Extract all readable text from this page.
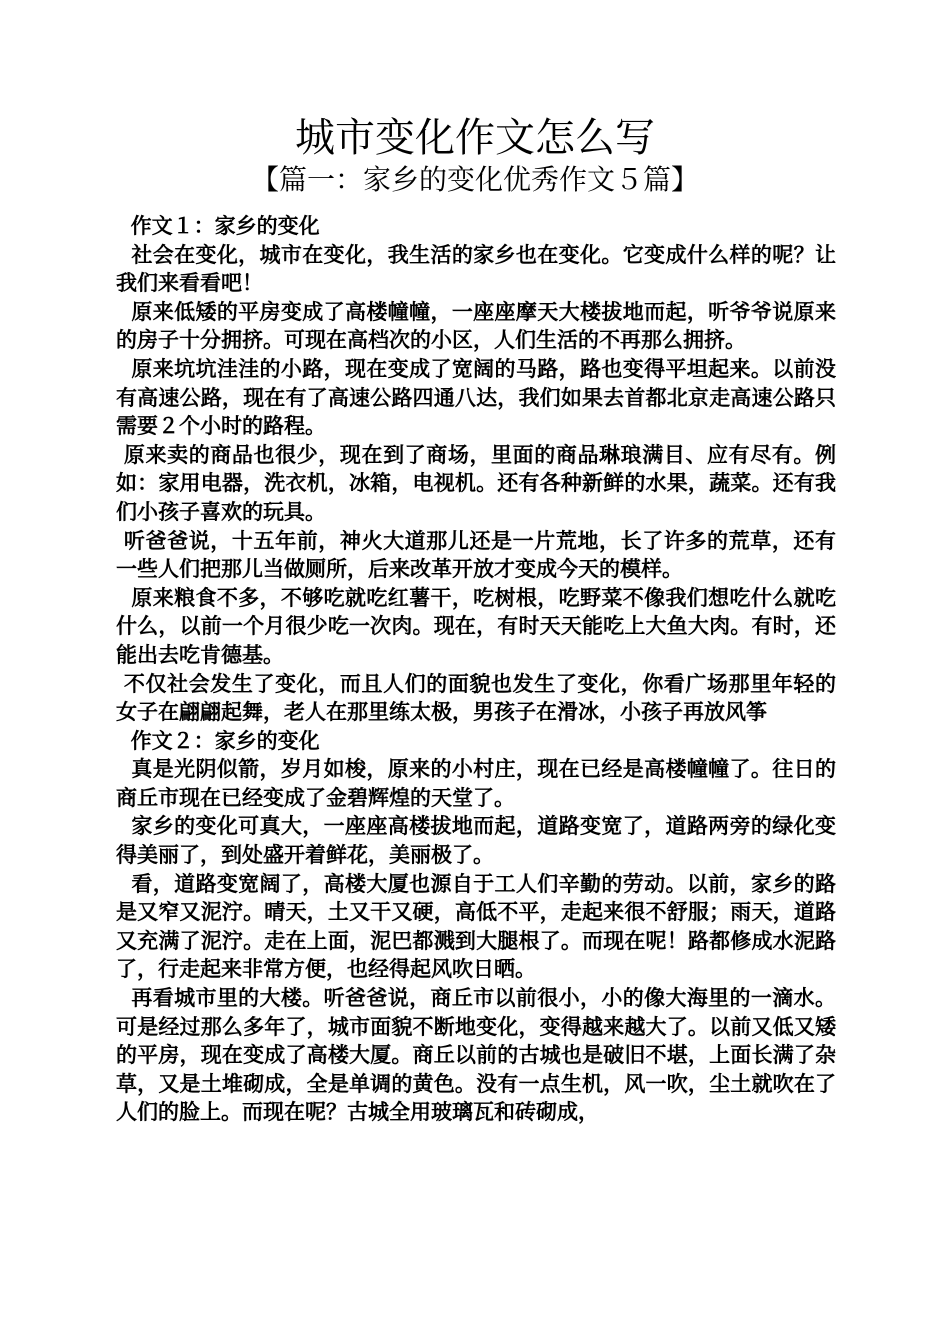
城市变化作文怎么写
【篇一：家乡的变化优秀作文５篇】

作文１：家乡的变化

社会在变化，城市在变化，我生活的家乡也在变化。它变成什么样的呢？让我们来看看吧！

原来低矮的平房变成了高楼幢幢，一座座摩天大楼拔地而起，听爷爷说原来的房子十分拥挤。可现在高档次的小区，人们生活的不再那么拥挤。

原来坑坑洼洼的小路，现在变成了宽阔的马路，路也变得平坦起来。以前没有高速公路，现在有了高速公路四通八达，我们如果去首都北京走高速公路只需要２个小时的路程。

原来卖的商品也很少，现在到了商场，里面的商品琳琅满目、应有尽有。例如：家用电器，洗衣机，冰箱，电视机。还有各种新鲜的水果，蔬菜。还有我们小孩子喜欢的玩具。

听爸爸说，十五年前，神火大道那儿还是一片荒地，长了许多的荒草，还有一些人们把那儿当做厕所，后来改革开放才变成今天的模样。

原来粮食不多，不够吃就吃红薯干，吃树根，吃野菜不像我们想吃什么就吃什么，以前一个月很少吃一次肉。现在，有时天天能吃上大鱼大肉。有时，还能出去吃肯德基。

不仅社会发生了变化，而且人们的面貌也发生了变化，你看广场那里年轻的女子在翩翩起舞，老人在那里练太极，男孩子在滑冰，小孩子再放风筝

作文２：家乡的变化

真是光阴似箭，岁月如梭，原来的小村庄，现在已经是高楼幢幢了。往日的商丘市现在已经变成了金碧辉煌的天堂了。

家乡的变化可真大，一座座高楼拔地而起，道路变宽了，道路两旁的绿化变得美丽了，到处盛开着鲜花，美丽极了。

看，道路变宽阔了，高楼大厦也源自于工人们辛勤的劳动。以前，家乡的路是又窄又泥泞。晴天，土又干又硬，高低不平，走起来很不舒服；雨天，道路又充满了泥泞。走在上面，泥巴都溅到大腿根了。而现在呢！路都修成水泥路了，行走起来非常方便，也经得起风吹日晒。

再看城市里的大楼。听爸爸说，商丘市以前很小，小的像大海里的一滴水。可是经过那么多年了，城市面貌不断地变化，变得越来越大了。以前又低又矮的平房，现在变成了高楼大厦。商丘以前的古城也是破旧不堪，上面长满了杂草，又是土堆砌成，全是单调的黄色。没有一点生机，风一吹，尘土就吹在了人们的脸上。而现在呢？古城全用玻璃瓦和砖砌成，
